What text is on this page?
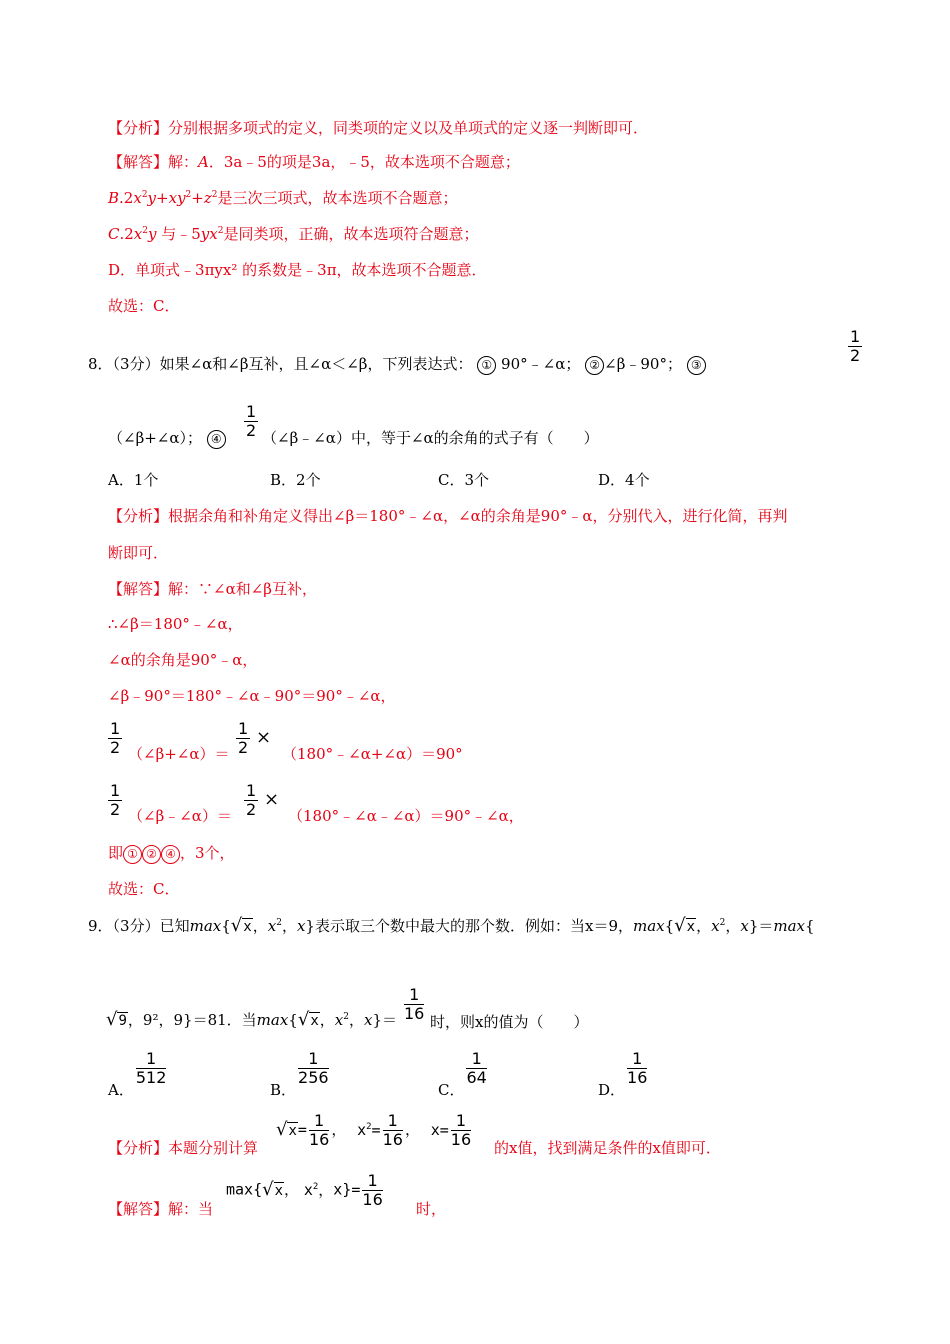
【分析】分别根据多项式的定义，同类项的定义以及单项式的定义逐一判断即可．
【解答】解：A．3a﹣5的项是3a，﹣5，故本选项不合题意；
$B.2x^2y+xy^2+z^2$是三次三项式，故本选项不合题意；
$C.2x^2y$ 与$﹣5yx^2$是同类项，正确，故本选项符合题意；
D．单项式﹣3πyx² 的系数是﹣3π，故本选项不合题意．
故选：C．
8．（3分）如果∠α和∠β互补，且∠α＜∠β，下列表达式： ① 90°﹣∠α； ② ∠β﹣90°； ③	$\frac{1}{2}$
（∠β+∠α）； ④ $\frac{1}{2}$ （∠β﹣∠α）中，等于∠α的余角的式子有（　　）
A．1个	B．2个	C．3个	D．4个
【分析】根据余角和补角定义得出∠β＝180°﹣∠α，∠α的余角是90°﹣α，分别代入，进行化简，再判
断即可．
【解答】解：∵∠α和∠β互补，
∴∠β＝180°﹣∠α，
∠α的余角是90°﹣α，
∠β﹣90°＝180°﹣∠α﹣90°＝90°﹣∠α，
$\frac{1}{2}$ （∠β+∠α）＝ $\frac{1}{2}$ ×
（180°﹣∠α+∠α）＝90°
$\frac{1}{2}$ （∠β﹣∠α）＝ $\frac{1}{2}$ ×
（180°﹣∠α﹣∠α）＝90°﹣∠α，
即 ① ② ④ ，3个，
故选：C．
9．（3分）已知max{√x，$x^2$，x}表示取三个数中最大的那个数．例如：当x＝9，max{√x，$x^2$，x}＝max{
√9，9²，9}＝81．当max{√x，$x^2$，$x\}= \frac{1}{16}$ 时，则x的值为（　　）
A．
$\frac{1}{512}$
B．
$\frac{1}{256}$
C．
$\frac{1}{64}$
D．
$\frac{1}{16}$
【分析】本题分别计算
$√x= \frac{1}{16}$ ， $x^2= \frac{1}{16}$ ， $x= \frac{1}{16}$ 的x值，找到满足条件的x值即可．
【解答】解：当
max{√x， $x^2$，$x\}= \frac{1}{16}$ 时，
